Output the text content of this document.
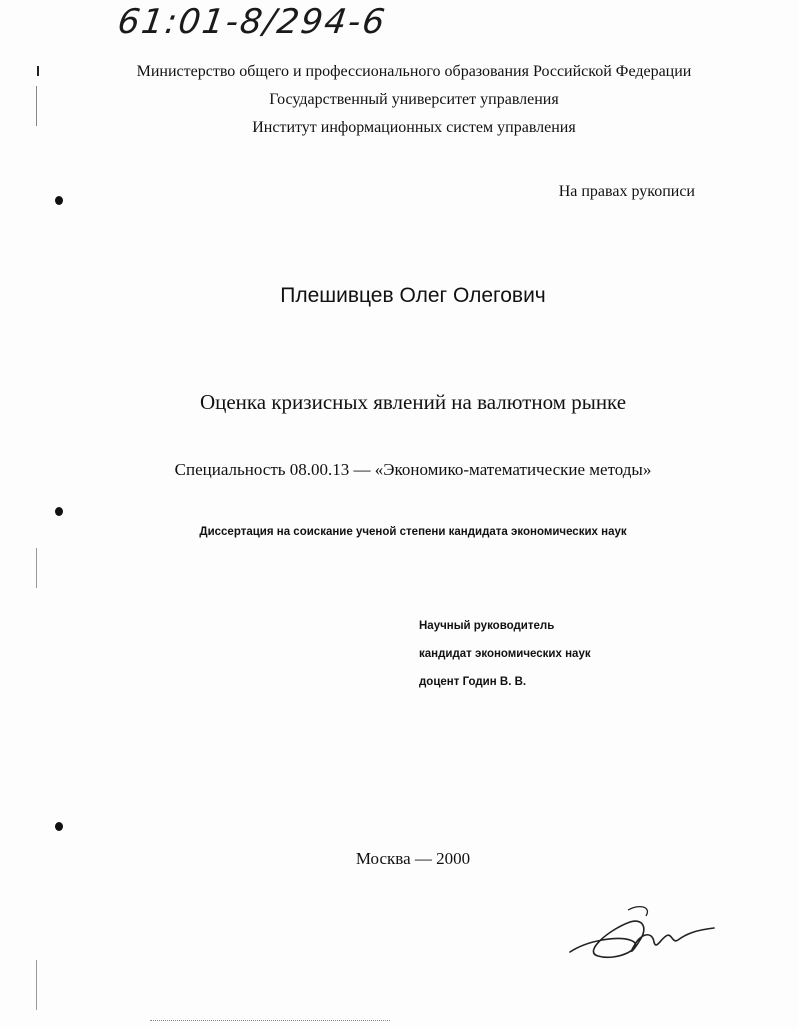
61:01-8/294-6
Министерство общего и профессионального образования Российской Федерации
Государственный университет управления
Институт информационных систем управления
На правах рукописи
Плешивцев Олег Олегович
Оценка кризисных явлений на валютном рынке
Специальность 08.00.13 — «Экономико-математические методы»
Диссертация на соискание ученой степени кандидата экономических наук
Научный руководитель
кандидат экономических наук
доцент Годин В. В.
Москва — 2000
